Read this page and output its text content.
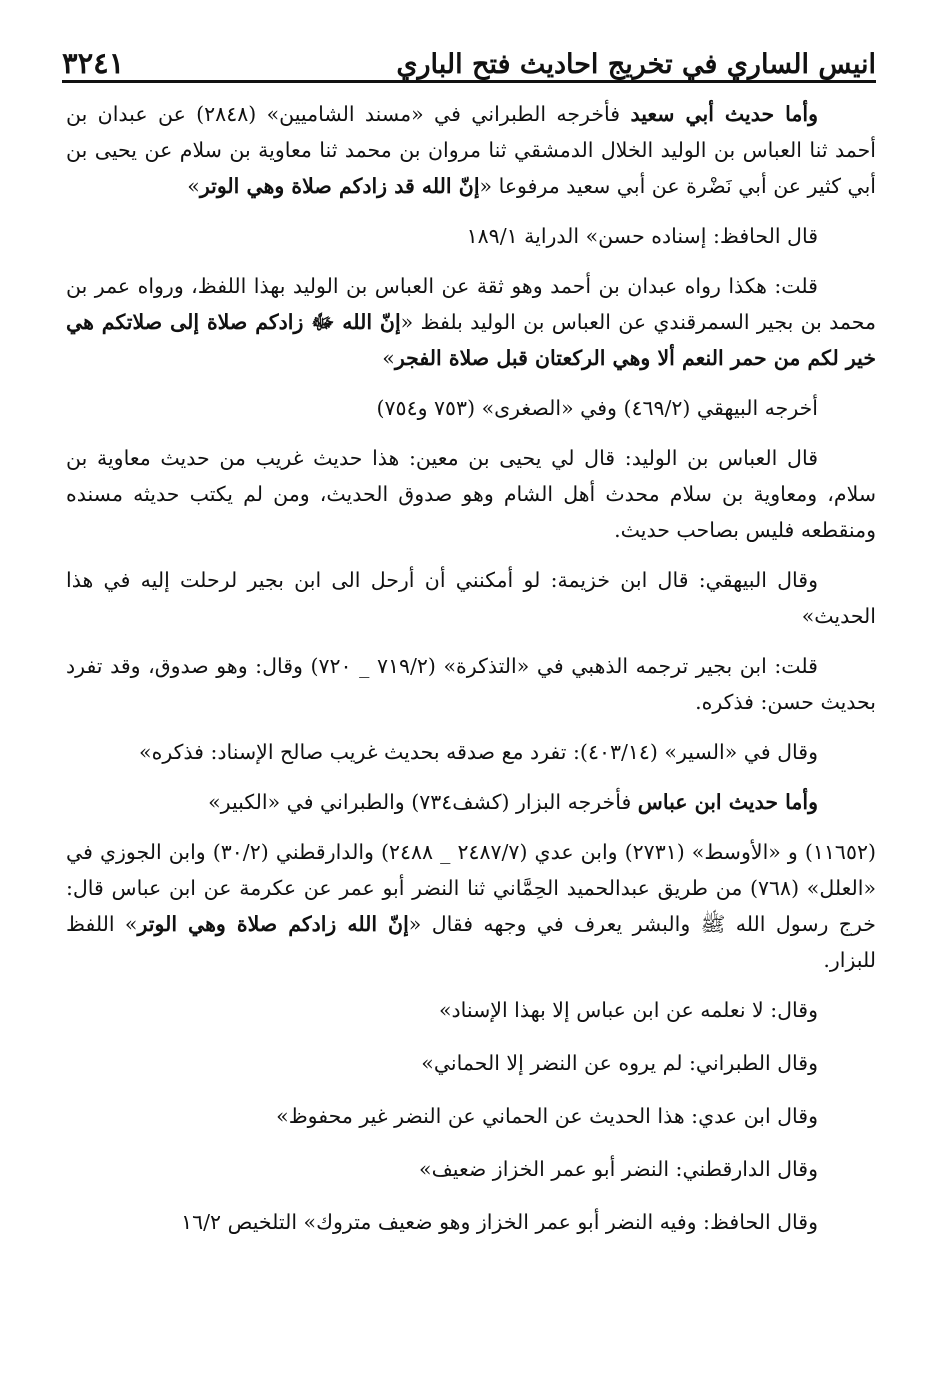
انيس الساري في تخريج احاديث فتح الباري
٣٢٤١

وأما حديث أبي سعيد فأخرجه الطبراني في «مسند الشاميين» (٢٨٤٨) عن عبدان بن أحمد ثنا العباس بن الوليد الخلال الدمشقي ثنا مروان بن محمد ثنا معاوية بن سلام عن يحيى بن أبي كثير عن أبي نَضْرة عن أبي سعيد مرفوعا «إنّ الله قد زادكم صلاة وهي الوتر»

قال الحافظ: إسناده حسن» الدراية ١٨٩/١

قلت: هكذا رواه عبدان بن أحمد وهو ثقة عن العباس بن الوليد بهذا اللفظ، ورواه عمر بن محمد بن بجير السمرقندي عن العباس بن الوليد بلفظ «إنّ الله ﷻ زادكم صلاة إلى صلاتكم هي خير لكم من حمر النعم ألا وهي الركعتان قبل صلاة الفجر»

أخرجه البيهقي (٤٦٩/٢) وفي «الصغرى» (٧٥٣ و٧٥٤)

قال العباس بن الوليد: قال لي يحيى بن معين: هذا حديث غريب من حديث معاوية بن سلام، ومعاوية بن سلام محدث أهل الشام وهو صدوق الحديث، ومن لم يكتب حديثه مسنده ومنقطعه فليس بصاحب حديث.

وقال البيهقي: قال ابن خزيمة: لو أمكنني أن أرحل الى ابن بجير لرحلت إليه في هذا الحديث»

قلت: ابن بجير ترجمه الذهبي في «التذكرة» (٧١٩/٢ _ ٧٢٠) وقال: وهو صدوق، وقد تفرد بحديث حسن: فذكره.

وقال في «السير» (٤٠٣/١٤): تفرد مع صدقه بحديث غريب صالح الإسناد: فذكره»

وأما حديث ابن عباس فأخرجه البزار (كشف٧٣٤) والطبراني في «الكبير»

(١١٦٥٢) و «الأوسط» (٢٧٣١) وابن عدي (٢٤٨٧/٧ _ ٢٤٨٨) والدارقطني (٣٠/٢) وابن الجوزي في «العلل» (٧٦٨) من طريق عبدالحميد الحِمَّاني ثنا النضر أبو عمر عن عكرمة عن ابن عباس قال: خرج رسول الله ﷺ والبشر يعرف في وجهه فقال «إنّ الله زادكم صلاة وهي الوتر» اللفظ للبزار.

وقال: لا نعلمه عن ابن عباس إلا بهذا الإسناد»
وقال الطبراني: لم يروه عن النضر إلا الحماني»
وقال ابن عدي: هذا الحديث عن الحماني عن النضر غير محفوظ»
وقال الدارقطني: النضر أبو عمر الخزاز ضعيف»
وقال الحافظ: وفيه النضر أبو عمر الخزاز وهو ضعيف متروك» التلخيص ١٦/٢
